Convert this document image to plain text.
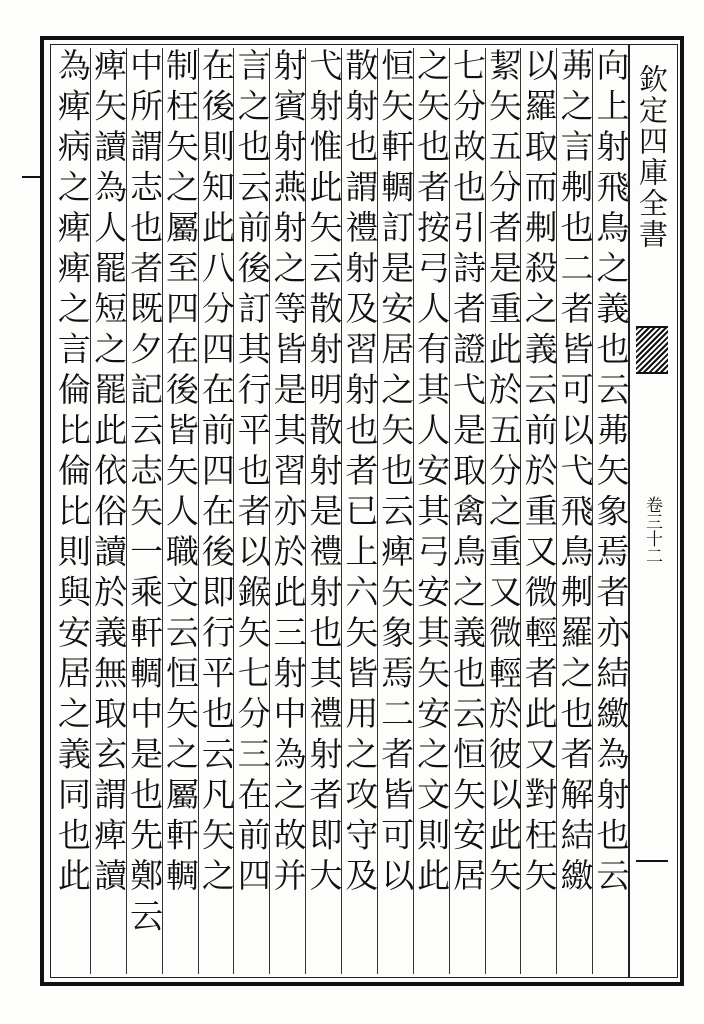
欽定四庫全書
卷三十二
向上射飛鳥之義也云茀矢象焉者亦結繳為射也云
茀之言刜也二者皆可以弋飛鳥刜羅之也者解結繳
以羅取而刜殺之義云前於重又微輕者此又對枉矢
絜矢五分者是重此於五分之重又微輕於彼以此矢
七分故也引詩者證弋是取禽鳥之義也云恒矢安居
之矢也者按弓人有其人安其弓安其矢安之文則此
恒矢軒輖訂是安居之矢也云痺矢象焉二者皆可以
散射也謂禮射及習射也者已上六矢皆用之攻守及
弋射惟此矢云散射明散射是禮射也其禮射者即大
射賓射燕射之等皆是其習亦於此三射中為之故并
言之也云前後訂其行平也者以鍭矢七分三在前四
在後則知此八分四在前四在後即行平也云凡矢之
制枉矢之屬至四在後皆矢人職文云恒矢之屬軒輖
中所謂志也者既夕記云志矢一乘軒輖中是也先鄭云
痺矢讀為人罷短之罷此依俗讀於義無取玄謂痺讀
為痺病之痺痺之言倫比倫比則與安居之義同也此
